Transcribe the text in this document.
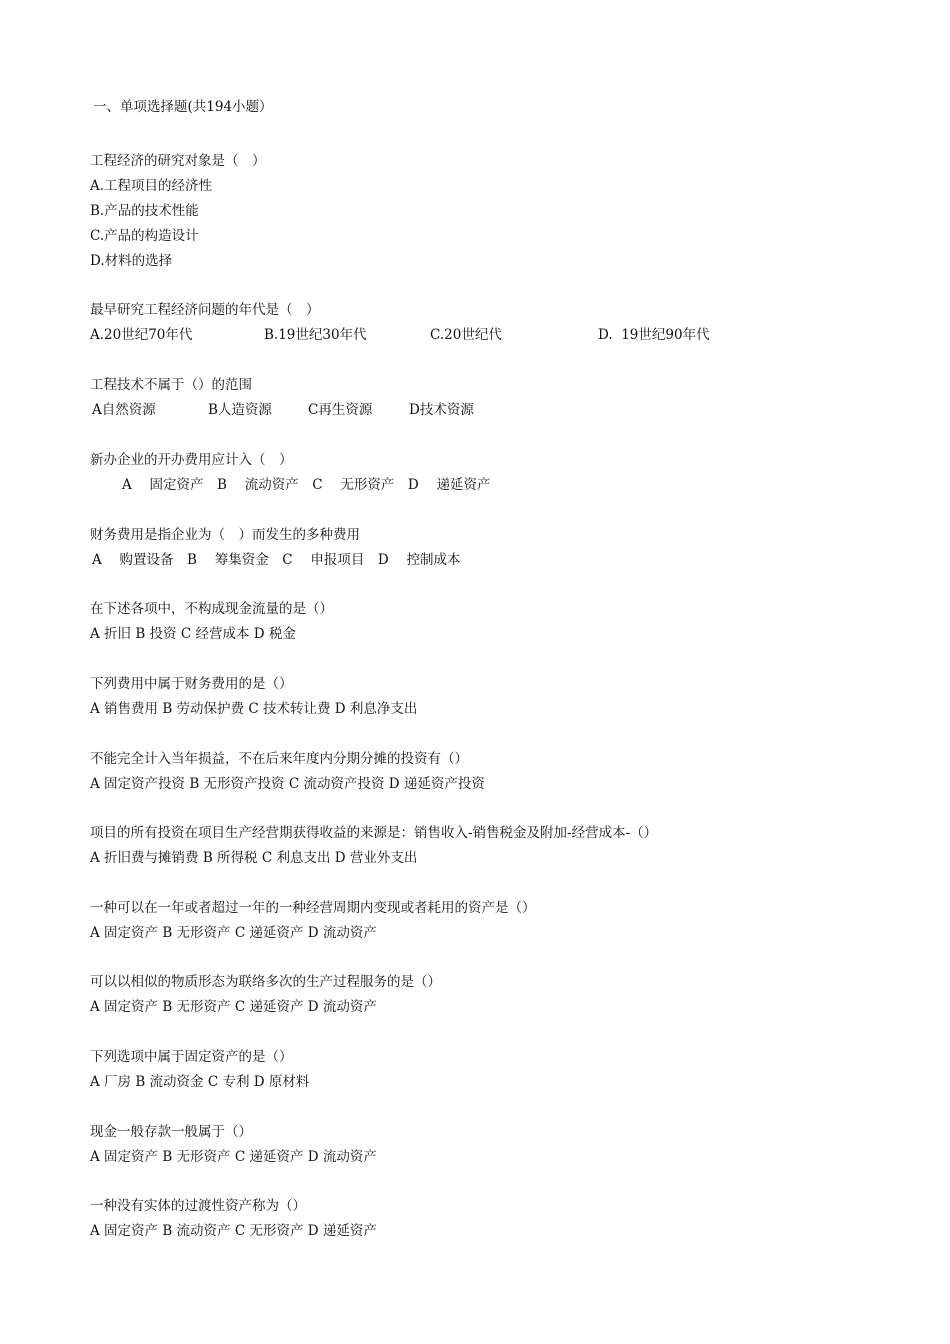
一、单项选择题(共194小题）
工程经济的研究对象是（　）
A.工程项目的经济性
B.产品的技术性能
C.产品的构造设计
D.材料的选择
最早研究工程经济问题的年代是（　）
A.20世纪70年代	B.19世纪30年代	C.20世纪代	D.  19世纪90年代
工程技术不属于（）的范围
A自然资源	B人造资源	C再生资源	D技术资源
新办企业的开办费用应计入（　）
A　 固定资产　B　 流动资产　C　 无形资产　D　 递延资产
财务费用是指企业为（　）而发生的多种费用
A　 购置设备　B　 筹集资金　C　 申报项目　D　 控制成本
在下述各项中，不构成现金流量的是（）
A 折旧 B 投资 C 经营成本 D 税金
下列费用中属于财务费用的是（）
A 销售费用 B 劳动保护费 C 技术转让费 D 利息净支出
不能完全计入当年损益，不在后来年度内分期分摊的投资有（）
A 固定资产投资 B 无形资产投资 C 流动资产投资 D 递延资产投资
项目的所有投资在项目生产经营期获得收益的来源是：销售收入-销售税金及附加-经营成本-（）
A 折旧费与摊销费 B 所得税 C 利息支出 D 营业外支出
一种可以在一年或者超过一年的一种经营周期内变现或者耗用的资产是（）
A 固定资产 B 无形资产 C 递延资产 D 流动资产
可以以相似的物质形态为联络多次的生产过程服务的是（）
A 固定资产 B 无形资产 C 递延资产 D 流动资产
下列选项中属于固定资产的是（）
A 厂房 B 流动资金 C 专利 D 原材料
现金一般存款一般属于（）
A 固定资产 B 无形资产 C 递延资产 D 流动资产
一种没有实体的过渡性资产称为（）
A 固定资产 B 流动资产 C 无形资产 D 递延资产
